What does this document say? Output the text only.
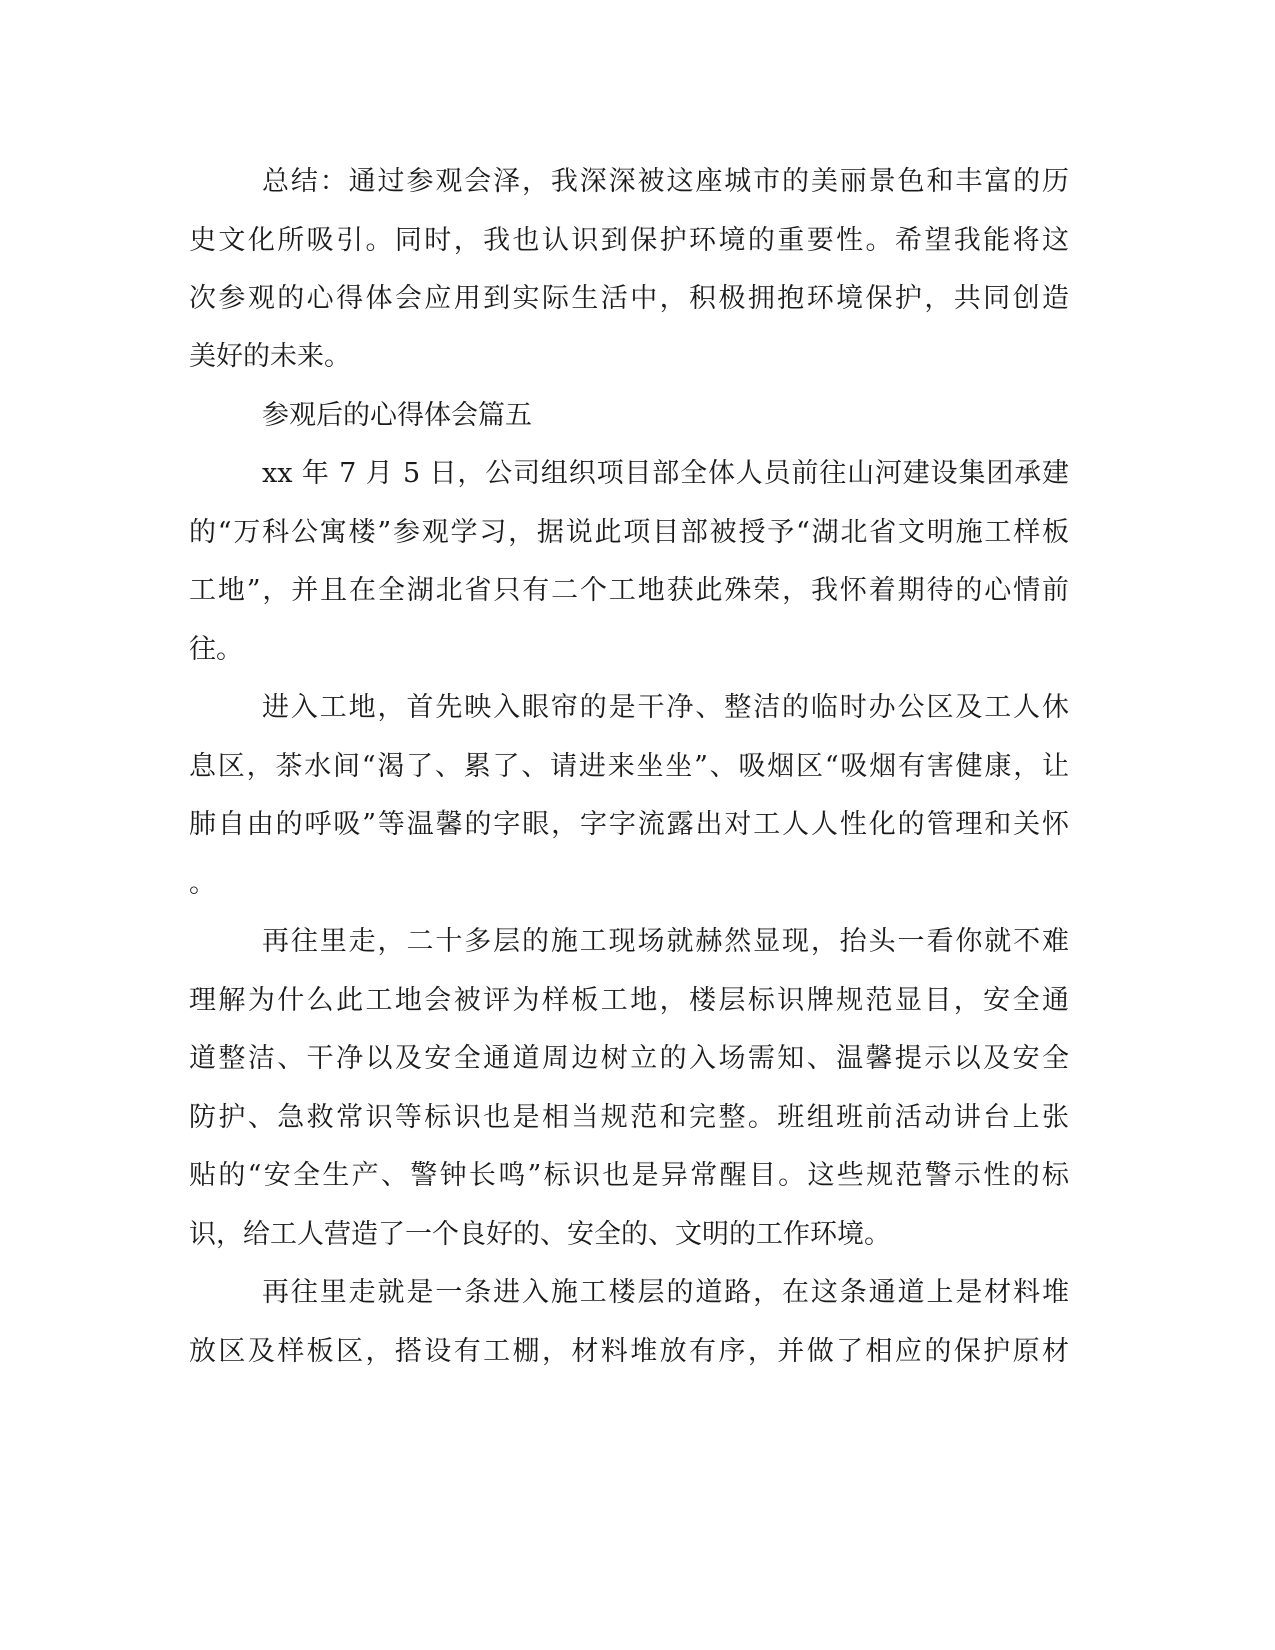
总结：通过参观会泽，我深深被这座城市的美丽景色和丰富的历
史文化所吸引。同时，我也认识到保护环境的重要性。希望我能将这
次参观的心得体会应用到实际生活中，积极拥抱环境保护，共同创造
美好的未来。
参观后的心得体会篇五
xx 年 7 月 5 日，公司组织项目部全体人员前往山河建设集团承建
的“万科公寓楼”参观学习，据说此项目部被授予“湖北省文明施工样板
工地”，并且在全湖北省只有二个工地获此殊荣，我怀着期待的心情前
往。
进入工地，首先映入眼帘的是干净、整洁的临时办公区及工人休
息区，茶水间“渴了、累了、请进来坐坐”、吸烟区“吸烟有害健康，让
肺自由的呼吸”等温馨的字眼，字字流露出对工人人性化的管理和关怀
。
再往里走，二十多层的施工现场就赫然显现，抬头一看你就不难
理解为什么此工地会被评为样板工地，楼层标识牌规范显目，安全通
道整洁、干净以及安全通道周边树立的入场需知、温馨提示以及安全
防护、急救常识等标识也是相当规范和完整。班组班前活动讲台上张
贴的“安全生产、警钟长鸣”标识也是异常醒目。这些规范警示性的标
识，给工人营造了一个良好的、安全的、文明的工作环境。
再往里走就是一条进入施工楼层的道路，在这条通道上是材料堆
放区及样板区，搭设有工棚，材料堆放有序，并做了相应的保护原材
